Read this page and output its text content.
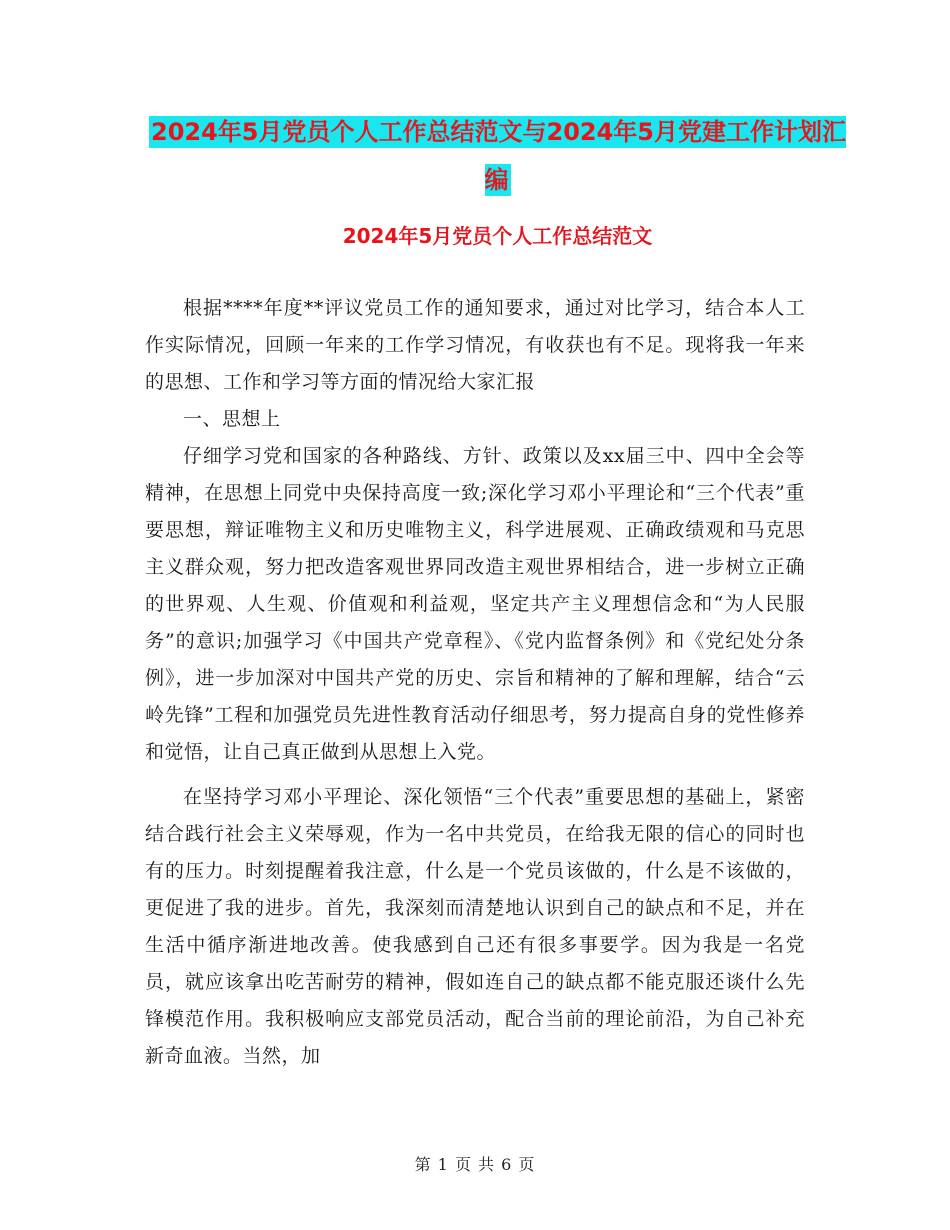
2024年5月党员个人工作总结范文与2024年5月党建工作计划汇编
2024年5月党员个人工作总结范文

根据****年度**评议党员工作的通知要求，通过对比学习，结合本人工作实际情况，回顾一年来的工作学习情况，有收获也有不足。现将我一年来的思想、工作和学习等方面的情况给大家汇报

一、思想上

仔细学习党和国家的各种路线、方针、政策以及xx届三中、四中全会等精神，在思想上同党中央保持高度一致;深化学习邓小平理论和“三个代表”重要思想，辩证唯物主义和历史唯物主义，科学进展观、正确政绩观和马克思主义群众观，努力把改造客观世界同改造主观世界相结合，进一步树立正确的世界观、人生观、价值观和利益观，坚定共产主义理想信念和“为人民服务”的意识;加强学习《中国共产党章程》、《党内监督条例》和《党纪处分条例》，进一步加深对中国共产党的历史、宗旨和精神的了解和理解，结合“云岭先锋”工程和加强党员先进性教育活动仔细思考，努力提高自身的党性修养和觉悟，让自己真正做到从思想上入党。

在坚持学习邓小平理论、深化领悟“三个代表”重要思想的基础上，紧密结合践行社会主义荣辱观，作为一名中共党员，在给我无限的信心的同时也有的压力。时刻提醒着我注意，什么是一个党员该做的，什么是不该做的，更促进了我的进步。首先，我深刻而清楚地认识到自己的缺点和不足，并在生活中循序渐进地改善。使我感到自己还有很多事要学。因为我是一名党员，就应该拿出吃苦耐劳的精神，假如连自己的缺点都不能克服还谈什么先锋模范作用。我积极响应支部党员活动，配合当前的理论前沿，为自己补充新奇血液。当然，加

第 1 页 共 6 页
